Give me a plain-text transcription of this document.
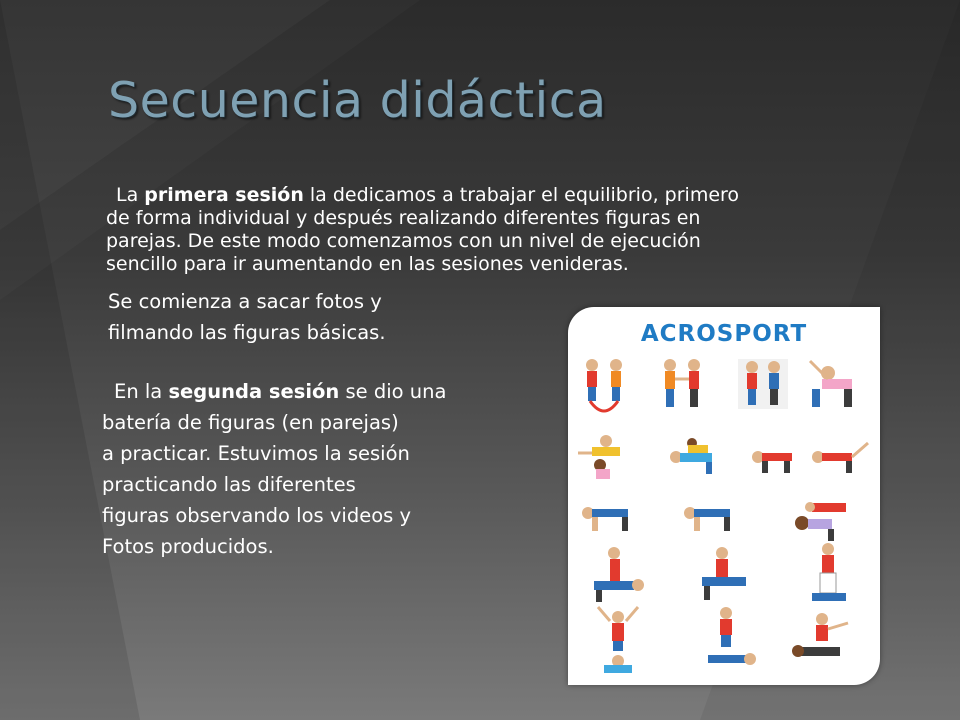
Secuencia didáctica
La primera sesión la dedicamos a trabajar el equilibrio, primero
de forma individual y después realizando diferentes figuras en
parejas. De este modo comenzamos con un nivel de ejecución
sencillo para ir aumentando en las sesiones venideras.
Se comienza a sacar fotos y
filmando las figuras básicas.
En la segunda sesión se dio una
batería de figuras (en parejas)
a practicar. Estuvimos la sesión
practicando las diferentes
figuras observando los videos y
Fotos producidos.
ACROSPORT
